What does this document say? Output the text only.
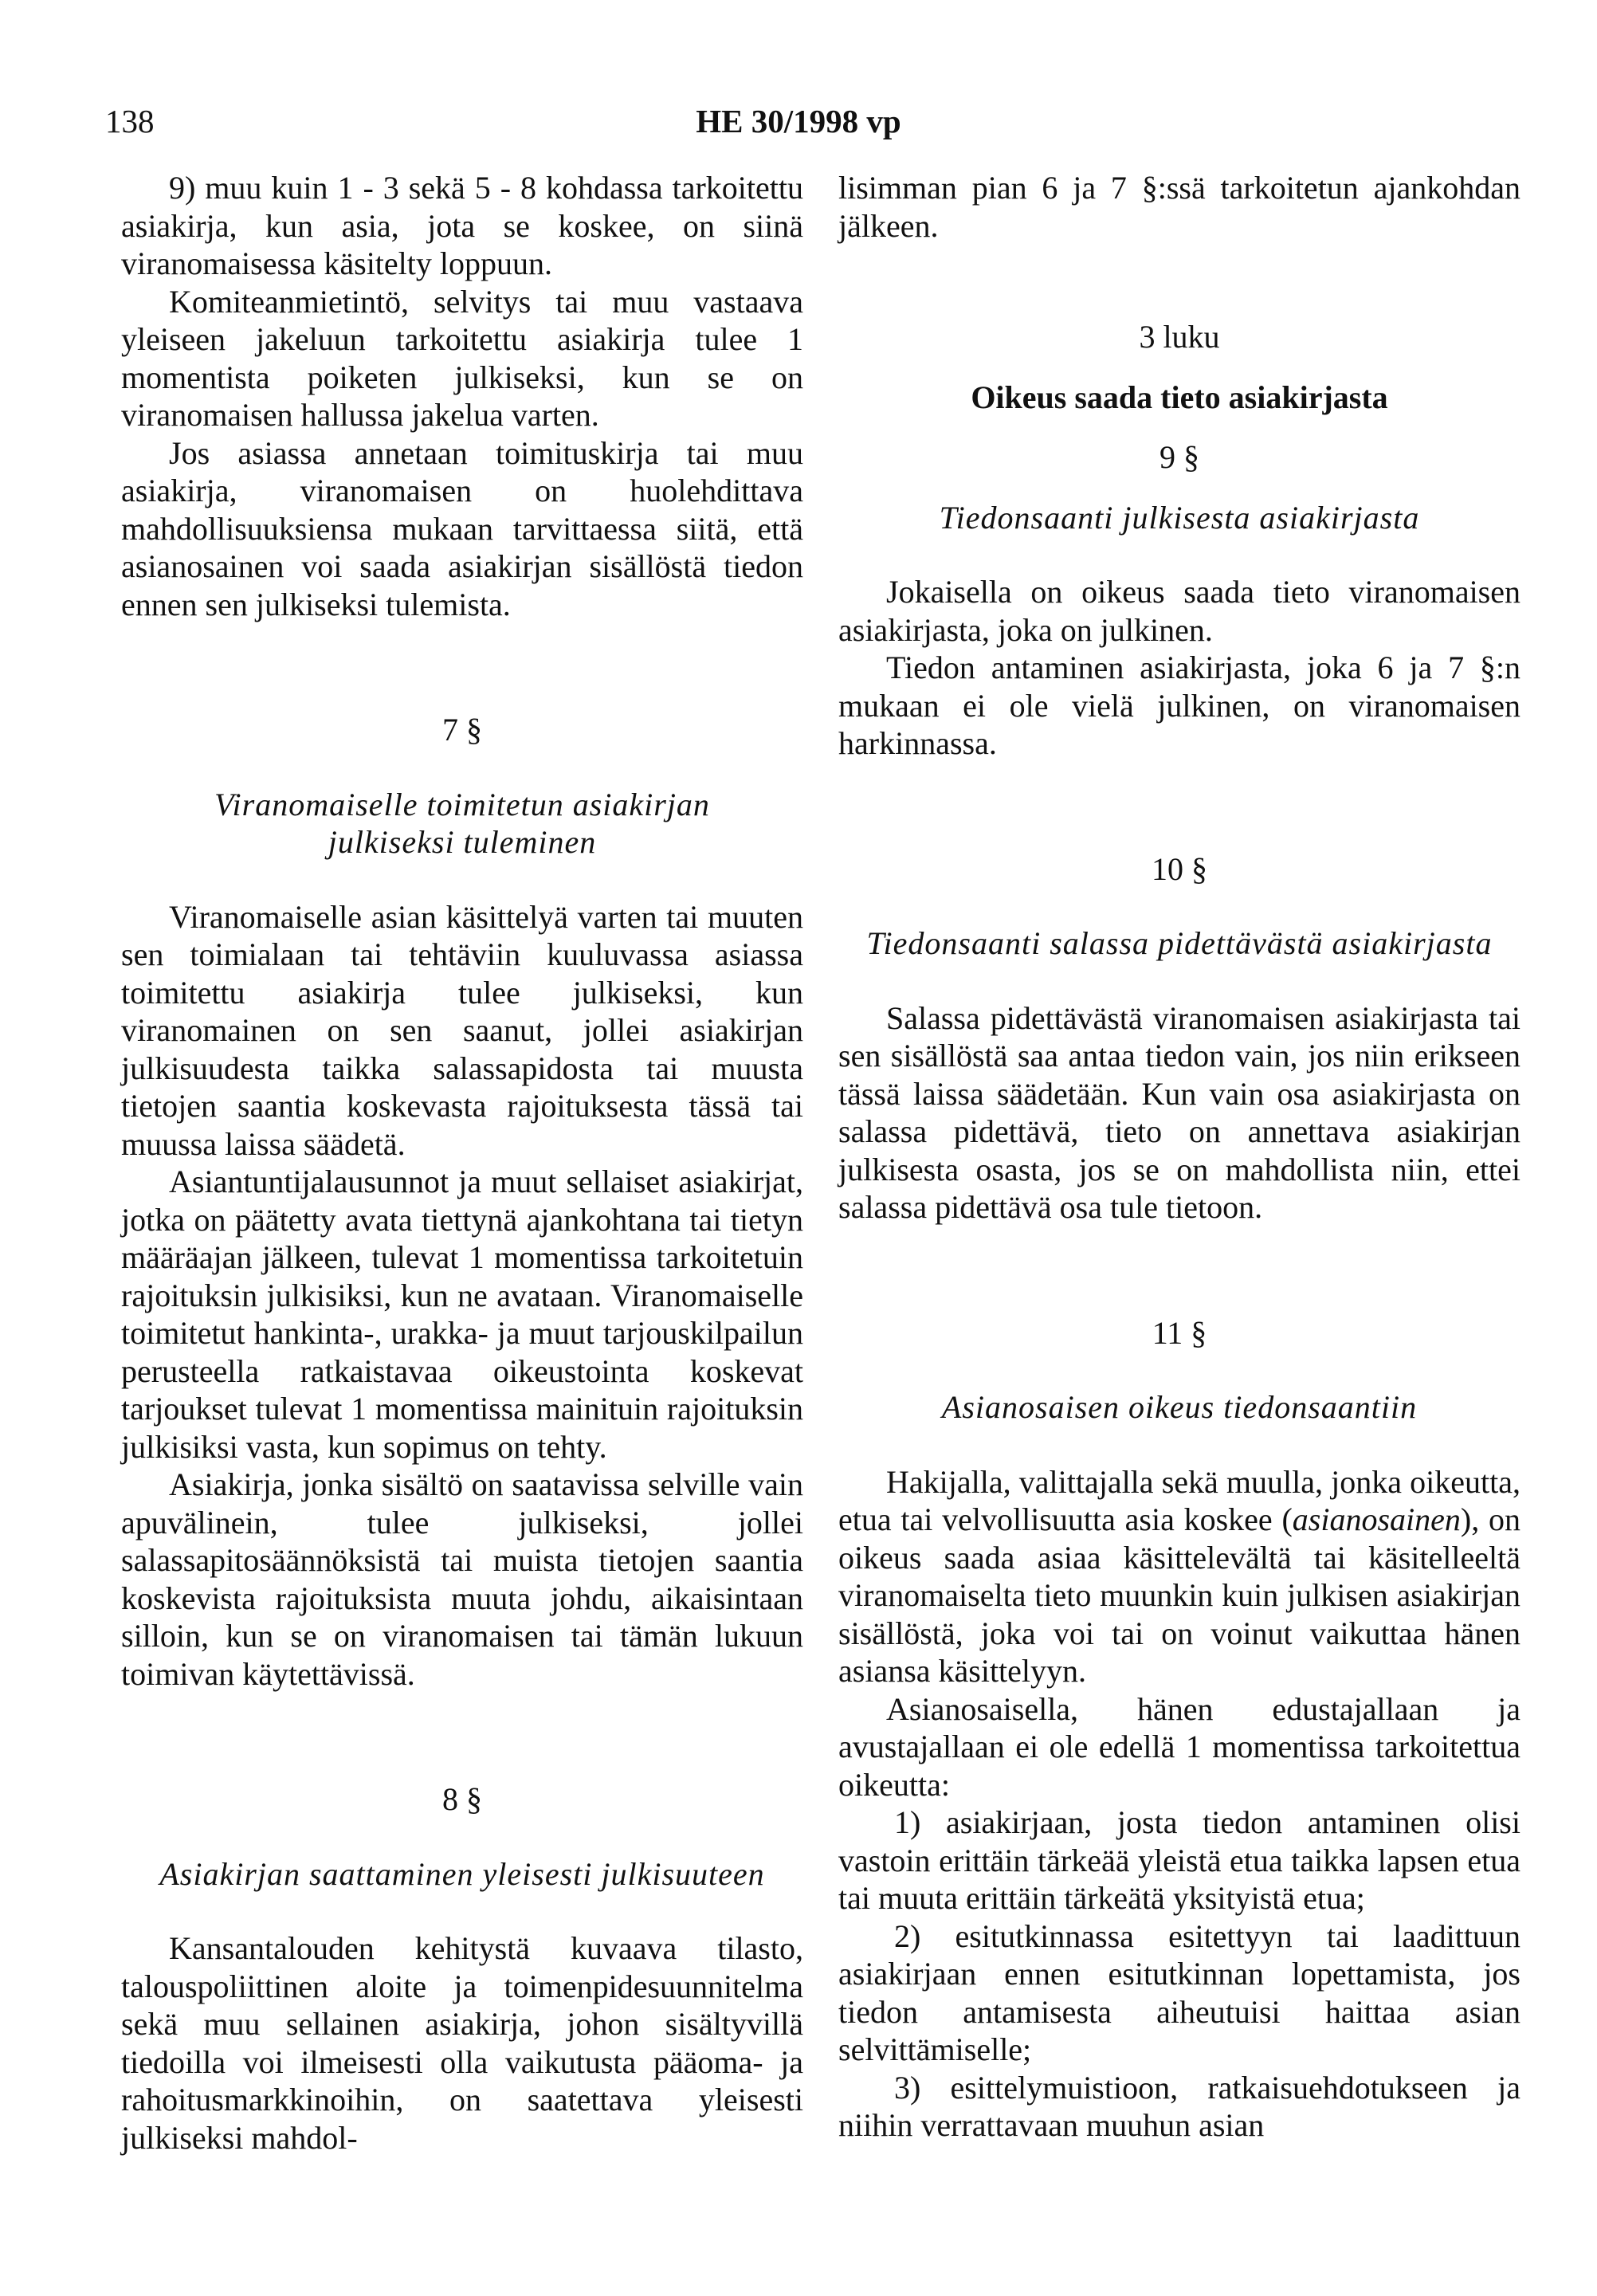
138	HE 30/1998 vp

9) muu kuin 1 - 3 sekä 5 - 8 kohdassa tarkoitettu asiakirja, kun asia, jota se koskee, on siinä viranomaisessa käsitelty loppuun.

Komiteanmietintö, selvitys tai muu vastaava yleiseen jakeluun tarkoitettu asiakirja tulee 1 momentista poiketen julkiseksi, kun se on viranomaisen hallussa jakelua varten.

Jos asiassa annetaan toimituskirja tai muu asiakirja, viranomaisen on huolehdittava mahdollisuuksiensa mukaan tarvittaessa siitä, että asianosainen voi saada asiakirjan sisällöstä tiedon ennen sen julkiseksi tulemista.

7 §

Viranomaiselle toimitetun asiakirjan
julkiseksi tuleminen

Viranomaiselle asian käsittelyä varten tai muuten sen toimialaan tai tehtäviin kuuluvassa asiassa toimitettu asiakirja tulee julkiseksi, kun viranomainen on sen saanut, jollei asiakirjan julkisuudesta taikka salassapidosta tai muusta tietojen saantia koskevasta rajoituksesta tässä tai muussa laissa säädetä.

Asiantuntijalausunnot ja muut sellaiset asiakirjat, jotka on päätetty avata tiettynä ajankohtana tai tietyn määräajan jälkeen, tulevat 1 momentissa tarkoitetuin rajoituksin julkisiksi, kun ne avataan. Viranomaiselle toimitetut hankinta-, urakka- ja muut tarjouskilpailun perusteella ratkaistavaa oikeustointa koskevat tarjoukset tulevat 1 momentissa mainituin rajoituksin julkisiksi vasta, kun sopimus on tehty.

Asiakirja, jonka sisältö on saatavissa selville vain apuvälinein, tulee julkiseksi, jollei salassapitosäännöksistä tai muista tietojen saantia koskevista rajoituksista muuta johdu, aikaisintaan silloin, kun se on viranomaisen tai tämän lukuun toimivan käytettävissä.

8 §

Asiakirjan saattaminen yleisesti julkisuuteen

Kansantalouden kehitystä kuvaava tilasto, talouspoliittinen aloite ja toimenpidesuunnitelma sekä muu sellainen asiakirja, johon sisältyvillä tiedoilla voi ilmeisesti olla vaikutusta pääoma- ja rahoitusmarkkinoihin, on saatettava yleisesti julkiseksi mahdol-

lisimman pian 6 ja 7 §:ssä tarkoitetun ajankohdan jälkeen.

3 luku

Oikeus saada tieto asiakirjasta

9 §

Tiedonsaanti julkisesta asiakirjasta

Jokaisella on oikeus saada tieto viranomaisen asiakirjasta, joka on julkinen.

Tiedon antaminen asiakirjasta, joka 6 ja 7 §:n mukaan ei ole vielä julkinen, on viranomaisen harkinnassa.

10 §

Tiedonsaanti salassa pidettävästä asiakirjasta

Salassa pidettävästä viranomaisen asiakirjasta tai sen sisällöstä saa antaa tiedon vain, jos niin erikseen tässä laissa säädetään. Kun vain osa asiakirjasta on salassa pidettävä, tieto on annettava asiakirjan julkisesta osasta, jos se on mahdollista niin, ettei salassa pidettävä osa tule tietoon.

11 §

Asianosaisen oikeus tiedonsaantiin

Hakijalla, valittajalla sekä muulla, jonka oikeutta, etua tai velvollisuutta asia koskee (asianosainen), on oikeus saada asiaa käsittelevältä tai käsitelleeltä viranomaiselta tieto muunkin kuin julkisen asiakirjan sisällöstä, joka voi tai on voinut vaikuttaa hänen asiansa käsittelyyn.

Asianosaisella, hänen edustajallaan ja avustajallaan ei ole edellä 1 momentissa tarkoitettua oikeutta:

1) asiakirjaan, josta tiedon antaminen olisi vastoin erittäin tärkeää yleistä etua taikka lapsen etua tai muuta erittäin tärkeätä yksityistä etua;

2) esitutkinnassa esitettyyn tai laadittuun asiakirjaan ennen esitutkinnan lopettamista, jos tiedon antamisesta aiheutuisi haittaa asian selvittämiselle;

3) esittelymuistioon, ratkaisuehdotukseen ja niihin verrattavaan muuhun asian
